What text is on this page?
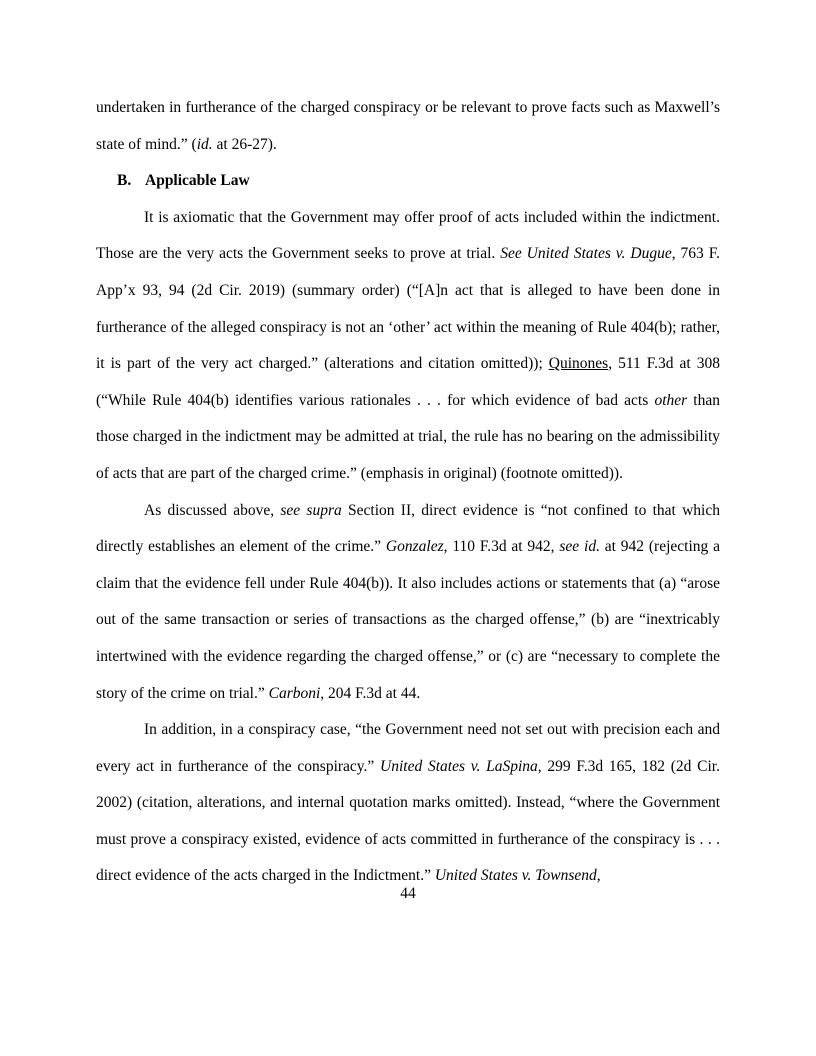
undertaken in furtherance of the charged conspiracy or be relevant to prove facts such as Maxwell’s state of mind.” (id. at 26-27).

B. Applicable Law

It is axiomatic that the Government may offer proof of acts included within the indictment. Those are the very acts the Government seeks to prove at trial. See United States v. Dugue, 763 F. App’x 93, 94 (2d Cir. 2019) (summary order) (“[A]n act that is alleged to have been done in furtherance of the alleged conspiracy is not an ‘other’ act within the meaning of Rule 404(b); rather, it is part of the very act charged.” (alterations and citation omitted)); Quinones, 511 F.3d at 308 (“While Rule 404(b) identifies various rationales . . . for which evidence of bad acts other than those charged in the indictment may be admitted at trial, the rule has no bearing on the admissibility of acts that are part of the charged crime.” (emphasis in original) (footnote omitted)).

As discussed above, see supra Section II, direct evidence is “not confined to that which directly establishes an element of the crime.” Gonzalez, 110 F.3d at 942, see id. at 942 (rejecting a claim that the evidence fell under Rule 404(b)). It also includes actions or statements that (a) “arose out of the same transaction or series of transactions as the charged offense,” (b) are “inextricably intertwined with the evidence regarding the charged offense,” or (c) are “necessary to complete the story of the crime on trial.” Carboni, 204 F.3d at 44.

In addition, in a conspiracy case, “the Government need not set out with precision each and every act in furtherance of the conspiracy.” United States v. LaSpina, 299 F.3d 165, 182 (2d Cir. 2002) (citation, alterations, and internal quotation marks omitted). Instead, “where the Government must prove a conspiracy existed, evidence of acts committed in furtherance of the conspiracy is . . . direct evidence of the acts charged in the Indictment.” United States v. Townsend,

44
